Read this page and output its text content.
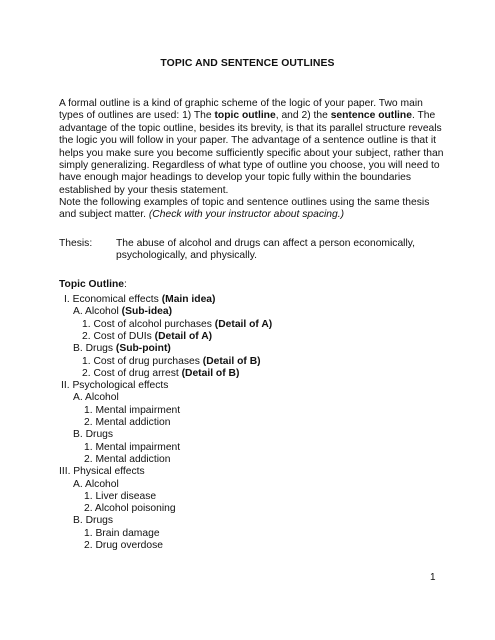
TOPIC AND SENTENCE OUTLINES
A formal outline is a kind of graphic scheme of the logic of your paper. Two main types of outlines are used: 1) The topic outline, and 2) the sentence outline. The advantage of the topic outline, besides its brevity, is that its parallel structure reveals the logic you will follow in your paper. The advantage of a sentence outline is that it helps you make sure you become sufficiently specific about your subject, rather than simply generalizing. Regardless of what type of outline you choose, you will need to have enough major headings to develop your topic fully within the boundaries established by your thesis statement.
Note the following examples of topic and sentence outlines using the same thesis and subject matter. (Check with your instructor about spacing.)
Thesis: The abuse of alcohol and drugs can affect a person economically, psychologically, and physically.
Topic Outline:
I. Economical effects (Main idea)
A. Alcohol (Sub-idea)
1. Cost of alcohol purchases (Detail of A)
2. Cost of DUIs (Detail of A)
B. Drugs (Sub-point)
1. Cost of drug purchases (Detail of B)
2. Cost of drug arrest (Detail of B)
II. Psychological effects
A. Alcohol
1. Mental impairment
2. Mental addiction
B. Drugs
1. Mental impairment
2. Mental addiction
III. Physical effects
A. Alcohol
1. Liver disease
2. Alcohol poisoning
B. Drugs
1. Brain damage
2. Drug overdose
1
